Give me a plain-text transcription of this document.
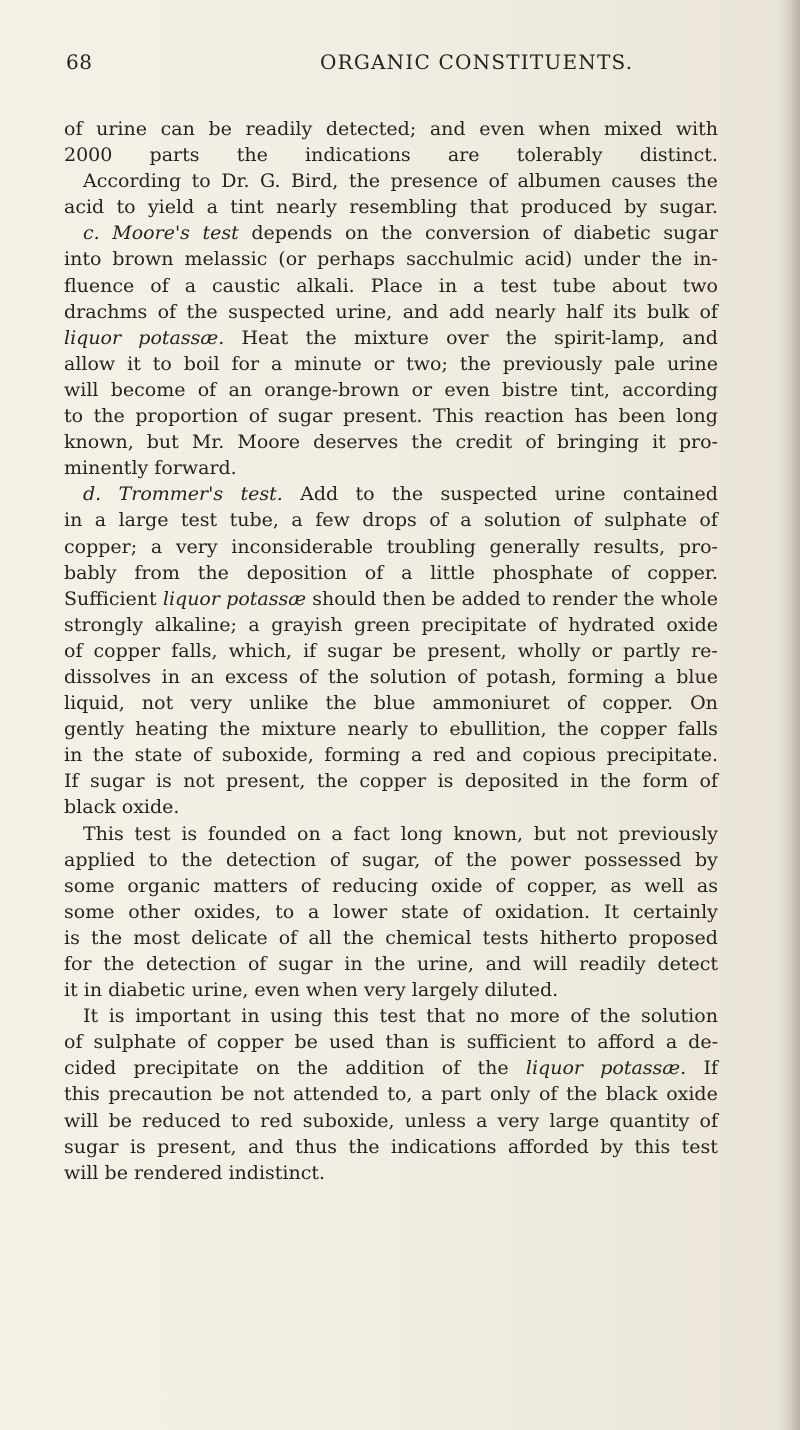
68	ORGANIC CONSTITUENTS.
of urine can be readily detected; and even when mixed with
2000 parts the indications are tolerably distinct.
According to Dr. G. Bird, the presence of albumen causes the
acid to yield a tint nearly resembling that produced by sugar.
c. Moore's test depends on the conversion of diabetic sugar
into brown melassic (or perhaps sacchulmic acid) under the in-
fluence of a caustic alkali. Place in a test tube about two
drachms of the suspected urine, and add nearly half its bulk of
liquor potassæ. Heat the mixture over the spirit-lamp, and
allow it to boil for a minute or two; the previously pale urine
will become of an orange-brown or even bistre tint, according
to the proportion of sugar present. This reaction has been long
known, but Mr. Moore deserves the credit of bringing it pro-
minently forward.
d. Trommer's test. Add to the suspected urine contained
in a large test tube, a few drops of a solution of sulphate of
copper; a very inconsiderable troubling generally results, pro-
bably from the deposition of a little phosphate of copper.
Sufficient liquor potassæ should then be added to render the whole
strongly alkaline; a grayish green precipitate of hydrated oxide
of copper falls, which, if sugar be present, wholly or partly re-
dissolves in an excess of the solution of potash, forming a blue
liquid, not very unlike the blue ammoniuret of copper. On
gently heating the mixture nearly to ebullition, the copper falls
in the state of suboxide, forming a red and copious precipitate.
If sugar is not present, the copper is deposited in the form of
black oxide.
This test is founded on a fact long known, but not previously
applied to the detection of sugar, of the power possessed by
some organic matters of reducing oxide of copper, as well as
some other oxides, to a lower state of oxidation. It certainly
is the most delicate of all the chemical tests hitherto proposed
for the detection of sugar in the urine, and will readily detect
it in diabetic urine, even when very largely diluted.
It is important in using this test that no more of the solution
of sulphate of copper be used than is sufficient to afford a de-
cided precipitate on the addition of the liquor potassæ. If
this precaution be not attended to, a part only of the black oxide
will be reduced to red suboxide, unless a very large quantity of
sugar is present, and thus the indications afforded by this test
will be rendered indistinct.
